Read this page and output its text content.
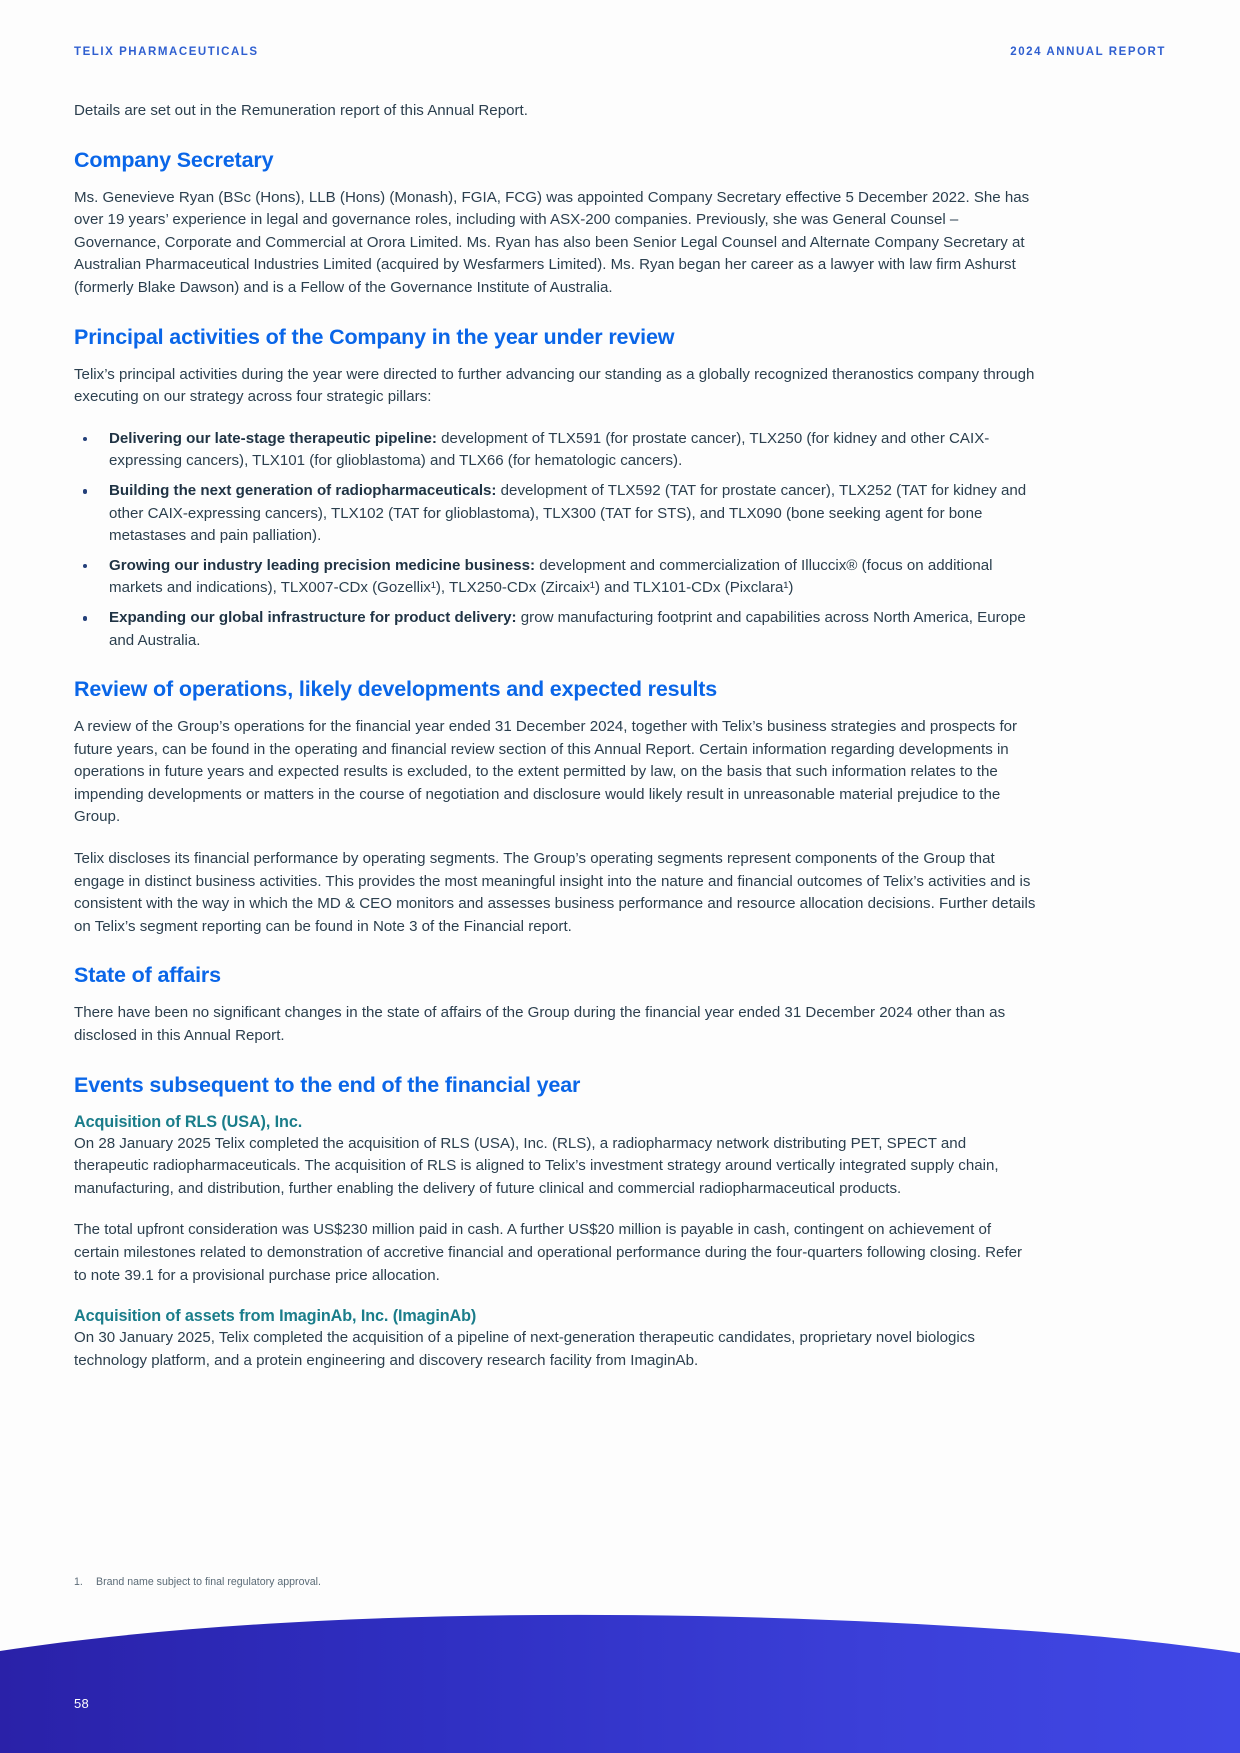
TELIX PHARMACEUTICALS	2024 ANNUAL REPORT

Details are set out in the Remuneration report of this Annual Report.

Company Secretary

Ms. Genevieve Ryan (BSc (Hons), LLB (Hons) (Monash), FGIA, FCG) was appointed Company Secretary effective 5 December 2022. She has over 19 years’ experience in legal and governance roles, including with ASX-200 companies. Previously, she was General Counsel – Governance, Corporate and Commercial at Orora Limited. Ms. Ryan has also been Senior Legal Counsel and Alternate Company Secretary at Australian Pharmaceutical Industries Limited (acquired by Wesfarmers Limited). Ms. Ryan began her career as a lawyer with law firm Ashurst (formerly Blake Dawson) and is a Fellow of the Governance Institute of Australia.

Principal activities of the Company in the year under review

Telix’s principal activities during the year were directed to further advancing our standing as a globally recognized theranostics company through executing on our strategy across four strategic pillars:

Delivering our late-stage therapeutic pipeline: development of TLX591 (for prostate cancer), TLX250 (for kidney and other CAIX-expressing cancers), TLX101 (for glioblastoma) and TLX66 (for hematologic cancers).
Building the next generation of radiopharmaceuticals: development of TLX592 (TAT for prostate cancer), TLX252 (TAT for kidney and other CAIX-expressing cancers), TLX102 (TAT for glioblastoma), TLX300 (TAT for STS), and TLX090 (bone seeking agent for bone metastases and pain palliation).
Growing our industry leading precision medicine business: development and commercialization of Illuccix® (focus on additional markets and indications), TLX007-CDx (Gozellix¹), TLX250-CDx (Zircaix¹) and TLX101-CDx (Pixclara¹)
Expanding our global infrastructure for product delivery: grow manufacturing footprint and capabilities across North America, Europe and Australia.
Review of operations, likely developments and expected results

A review of the Group’s operations for the financial year ended 31 December 2024, together with Telix’s business strategies and prospects for future years, can be found in the operating and financial review section of this Annual Report. Certain information regarding developments in operations in future years and expected results is excluded, to the extent permitted by law, on the basis that such information relates to the impending developments or matters in the course of negotiation and disclosure would likely result in unreasonable material prejudice to the Group.

Telix discloses its financial performance by operating segments. The Group’s operating segments represent components of the Group that engage in distinct business activities. This provides the most meaningful insight into the nature and financial outcomes of Telix’s activities and is consistent with the way in which the MD & CEO monitors and assesses business performance and resource allocation decisions. Further details on Telix’s segment reporting can be found in Note 3 of the Financial report.

State of affairs

There have been no significant changes in the state of affairs of the Group during the financial year ended 31 December 2024 other than as disclosed in this Annual Report.

Events subsequent to the end of the financial year
Acquisition of RLS (USA), Inc.

On 28 January 2025 Telix completed the acquisition of RLS (USA), Inc. (RLS), a radiopharmacy network distributing PET, SPECT and therapeutic radiopharmaceuticals. The acquisition of RLS is aligned to Telix’s investment strategy around vertically integrated supply chain, manufacturing, and distribution, further enabling the delivery of future clinical and commercial radiopharmaceutical products.

The total upfront consideration was US$230 million paid in cash. A further US$20 million is payable in cash, contingent on achievement of certain milestones related to demonstration of accretive financial and operational performance during the four-quarters following closing. Refer to note 39.1 for a provisional purchase price allocation.

Acquisition of assets from ImaginAb, Inc. (ImaginAb)

On 30 January 2025, Telix completed the acquisition of a pipeline of next-generation therapeutic candidates, proprietary novel biologics technology platform, and a protein engineering and discovery research facility from ImaginAb.

1.	Brand name subject to final regulatory approval.
58
